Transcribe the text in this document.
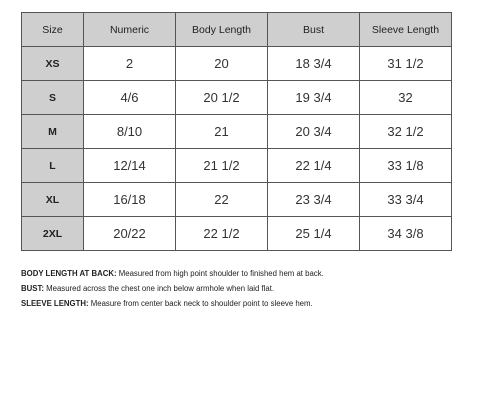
Size	Numeric	Body Length	Bust	Sleeve Length
XS	2	20	18 3/4	31 1/2
S	4/6	20 1/2	19 3/4	32
M	8/10	21	20 3/4	32 1/2
L	12/14	21 1/2	22 1/4	33 1/8
XL	16/18	22	23 3/4	33 3/4
2XL	20/22	22 1/2	25 1/4	34 3/8
BODY LENGTH AT BACK: Measured from high point shoulder to finished hem at back.
BUST: Measured across the chest one inch below armhole when laid flat.
SLEEVE LENGTH: Measure from center back neck to shoulder point to sleeve hem.
